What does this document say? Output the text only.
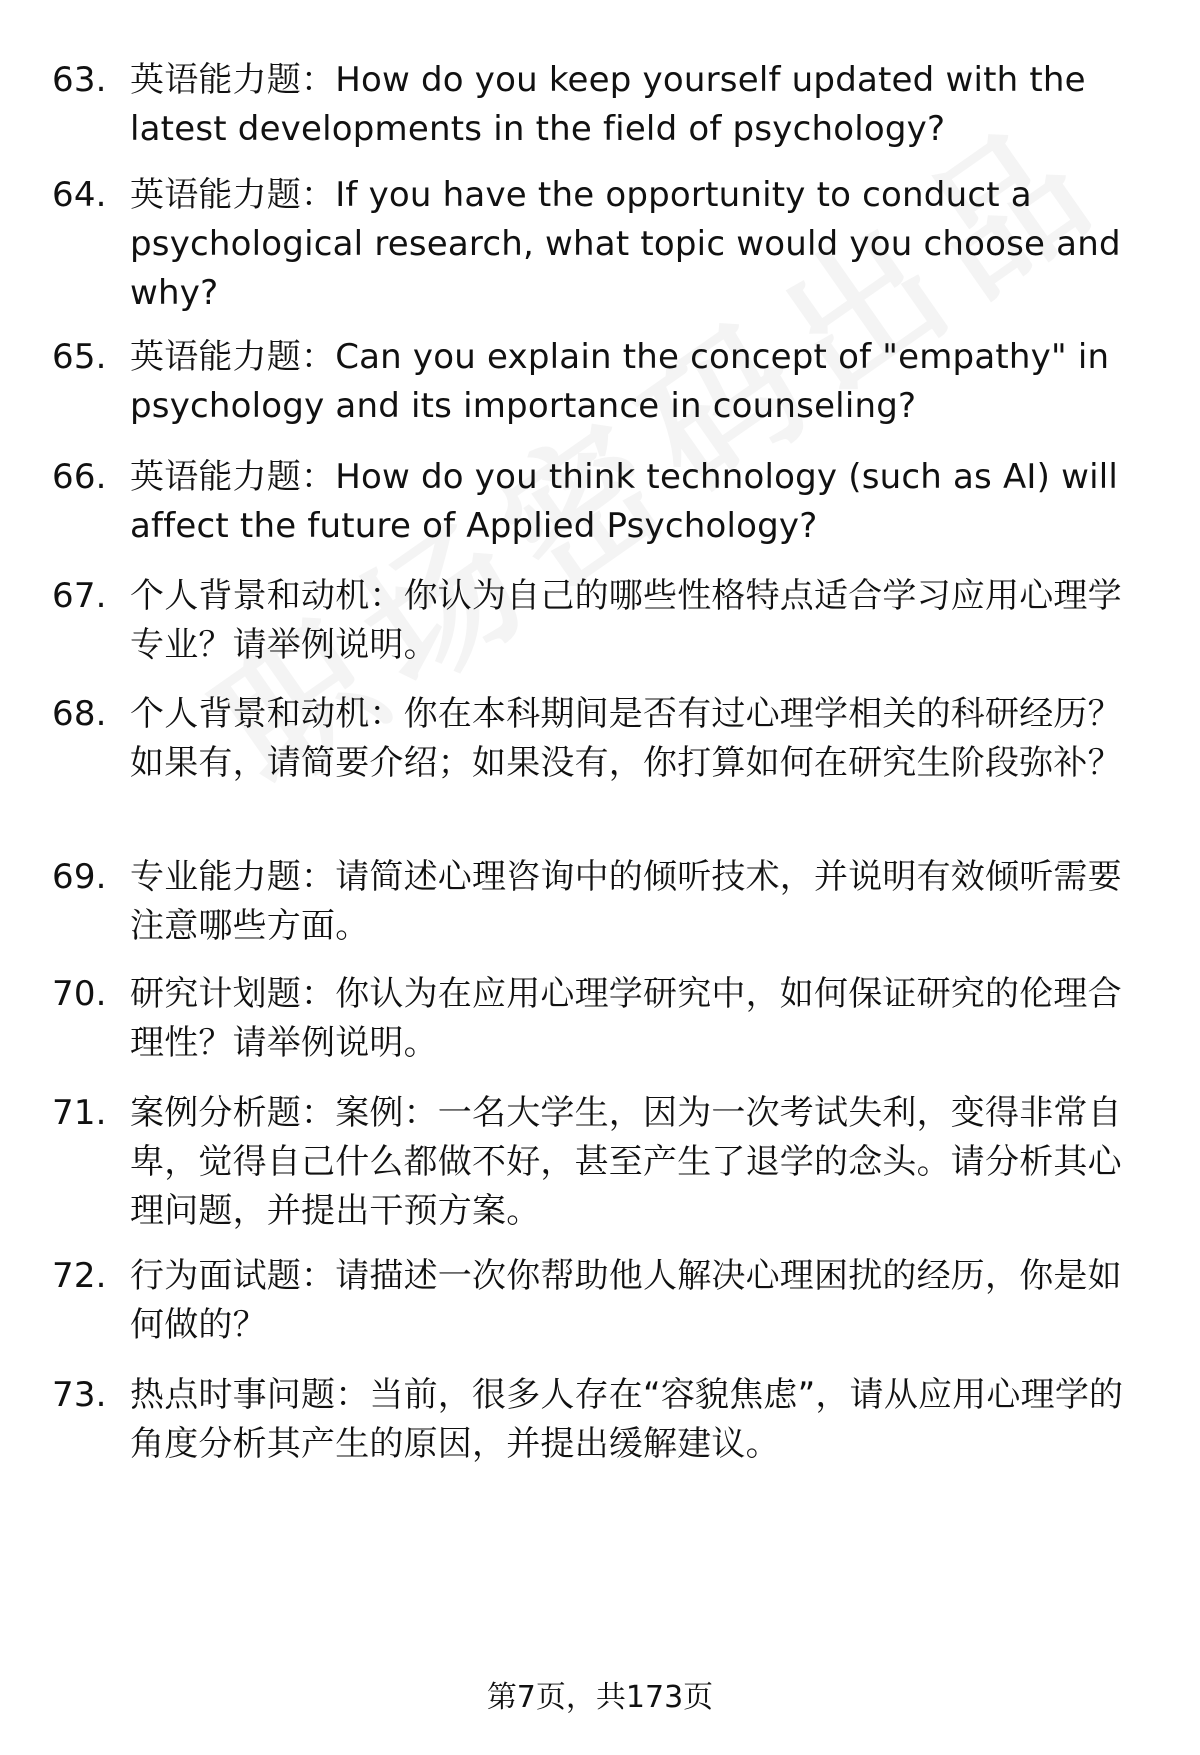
63. 英语能力题：How do you keep yourself updated with the latest developments in the field of psychology?
64. 英语能力题：If you have the opportunity to conduct a psychological research, what topic would you choose and why?
65. 英语能力题：Can you explain the concept of "empathy" in psychology and its importance in counseling?
66. 英语能力题：How do you think technology (such as AI) will affect the future of Applied Psychology?
67. 个人背景和动机：你认为自己的哪些性格特点适合学习应用心理学专业？请举例说明。
68. 个人背景和动机：你在本科期间是否有过心理学相关的科研经历？如果有，请简要介绍；如果没有，你打算如何在研究生阶段弥补？
69. 专业能力题：请简述心理咨询中的倾听技术，并说明有效倾听需要注意哪些方面。
70. 研究计划题：你认为在应用心理学研究中，如何保证研究的伦理合理性？请举例说明。
71. 案例分析题：案例：一名大学生，因为一次考试失利，变得非常自卑，觉得自己什么都做不好，甚至产生了退学的念头。请分析其心理问题，并提出干预方案。
72. 行为面试题：请描述一次你帮助他人解决心理困扰的经历，你是如何做的？
73. 热点时事问题：当前，很多人存在“容貌焦虑”，请从应用心理学的角度分析其产生的原因，并提出缓解建议。
第7页，共173页
